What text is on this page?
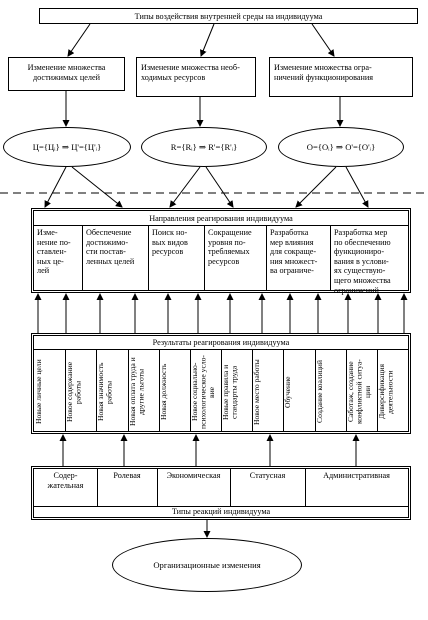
Типы воздействия внутренней среды на индивидуума
Изменение множества
достижимых целей
Изменение множества необ-
ходимых ресурсов
Изменение множества огра-
ничений функционирования
Ц={Цᵢ} ⇒ Ц'={Ц'ᵢ}	R={Rᵢ} ⇒ R'={R'ᵢ}	O={Oᵢ} ⇒ O'={O'ᵢ}
Направления реагирования индивидуума
Изме-
нение по-
ставлен-
ных це-
лей
Обеспечение
достижимо-
сти постав-
ленных целей
Поиск но-
вых видов
ресурсов
Сокращение
уровня по-
требляемых
ресурсов
Разработка
мер влияния
для сокраще-
ния множест-
ва ограниче-
Разработка мер
по обеспечению
функциониро-
вания в услови-
ях существую-
щего множества
ограничений
Результаты реагирования индивидуума
Новые личные цели	Новое содержание
работы
Новая значимость
работы
Новая оплата труда и
другие льготы	Новая должность	Новое социально-
психологическое усло-
вие
Новые правила и
стандарты труда	Новое место работы	Обучение	Создание коалиций	Саботаж, создание
конфликтной ситуа-
ции Диверсификация
деятельности
Содер-
жательная
Ролевая	Экономическая	Статусная	Административная
Типы реакций индивидуума
Организационные изменения
